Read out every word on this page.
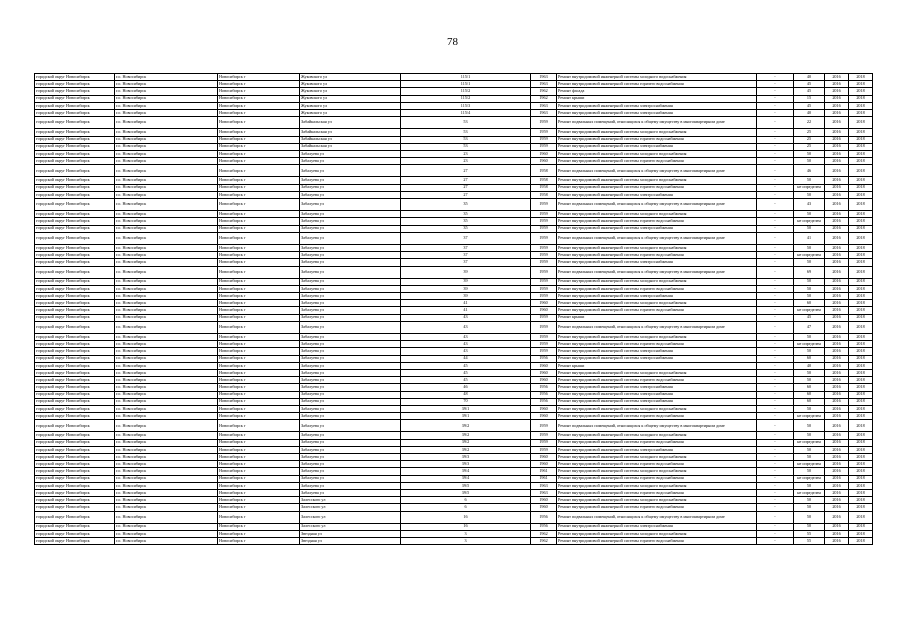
78
городской округ Новосибирск	г.о. Новосибирск	Новосибирск г	Жуковского ул	115/1	1963	Ремонт внутридомовой инженерной системы холодного водоснабжения	-	40	2016	2018
городской округ Новосибирск	г.о. Новосибирск	Новосибирск г	Жуковского ул	115/1	1963	Ремонт внутридомовой инженерной системы горячего водоснабжения	-	45	2016	2018
городской округ Новосибирск	г.о. Новосибирск	Новосибирск г	Жуковского ул	115/2	1962	Ремонт фасада	-	45	2016	2018
городской округ Новосибирск	г.о. Новосибирск	Новосибирск г	Жуковского ул	115/2	1962	Ремонт крыши	-	15	2016	2018
городской округ Новосибирск	г.о. Новосибирск	Новосибирск г	Жуковского ул	115/3	1963	Ремонт внутридомовой инженерной системы электроснабжения	-	45	2016	2018
городской округ Новосибирск	г.о. Новосибирск	Новосибирск г	Жуковского ул	115/4	1963	Ремонт внутридомовой инженерной системы электроснабжения	-	40	2016	2018
городской округ Новосибирск	г.о. Новосибирск	Новосибирск г	Забайкальская ул	53	1959	Ремонт подвальных помещений, относящихся к общему имуществу в многоквартирном доме	-	22	2016	2018
городской округ Новосибирск	г.о. Новосибирск	Новосибирск г	Забайкальская ул	53	1959	Ремонт внутридомовой инженерной системы холодного водоснабжения	-	25	2016	2018
городской округ Новосибирск	г.о. Новосибирск	Новосибирск г	Забайкальская ул	53	1959	Ремонт внутридомовой инженерной системы горячего водоснабжения	-	25	2016	2018
городской округ Новосибирск	г.о. Новосибирск	Новосибирск г	Забайкальская ул	53	1959	Ремонт внутридомовой инженерной системы электроснабжения	-	25	2016	2018
городской округ Новосибирск	г.о. Новосибирск	Новосибирск г	Забалуева ул	23	1960	Ремонт внутридомовой инженерной системы холодного водоснабжения	-	50	2016	2018
городской округ Новосибирск	г.о. Новосибирск	Новосибирск г	Забалуева ул	23	1960	Ремонт внутридомовой инженерной системы горячего водоснабжения	-	50	2016	2018
городской округ Новосибирск	г.о. Новосибирск	Новосибирск г	Забалуева ул	27	1958	Ремонт подвальных помещений, относящихся к общему имуществу в многоквартирном доме	-	46	2016	2018
городской округ Новосибирск	г.о. Новосибирск	Новосибирск г	Забалуева ул	27	1958	Ремонт внутридомовой инженерной системы холодного водоснабжения	-	50	2016	2018
городской округ Новосибирск	г.о. Новосибирск	Новосибирск г	Забалуева ул	27	1958	Ремонт внутридомовой инженерной системы горячего водоснабжения	-	не определен	2016	2018
городской округ Новосибирск	г.о. Новосибирск	Новосибирск г	Забалуева ул	27	1958	Ремонт внутридомовой инженерной системы электроснабжения	-	50	2016	2018
городской округ Новосибирск	г.о. Новосибирск	Новосибирск г	Забалуева ул	35	1959	Ремонт подвальных помещений, относящихся к общему имуществу в многоквартирном доме	-	43	2016	2018
городской округ Новосибирск	г.о. Новосибирск	Новосибирск г	Забалуева ул	35	1959	Ремонт внутридомовой инженерной системы холодного водоснабжения	-	50	2016	2018
городской округ Новосибирск	г.о. Новосибирск	Новосибирск г	Забалуева ул	35	1959	Ремонт внутридомовой инженерной системы горячего водоснабжения	-	не определен	2016	2018
городской округ Новосибирск	г.о. Новосибирск	Новосибирск г	Забалуева ул	35	1959	Ремонт внутридомовой инженерной системы электроснабжения	-	50	2016	2018
городской округ Новосибирск	г.о. Новосибирск	Новосибирск г	Забалуева ул	37	1959	Ремонт подвальных помещений, относящихся к общему имуществу в многоквартирном доме	-	41	2016	2018
городской округ Новосибирск	г.о. Новосибирск	Новосибирск г	Забалуева ул	37	1959	Ремонт внутридомовой инженерной системы холодного водоснабжения	-	50	2016	2018
городской округ Новосибирск	г.о. Новосибирск	Новосибирск г	Забалуева ул	37	1959	Ремонт внутридомовой инженерной системы горячего водоснабжения	-	не определен	2016	2018
городской округ Новосибирск	г.о. Новосибирск	Новосибирск г	Забалуева ул	37	1959	Ремонт внутридомовой инженерной системы электроснабжения	-	50	2016	2018
городской округ Новосибирск	г.о. Новосибирск	Новосибирск г	Забалуева ул	39	1959	Ремонт подвальных помещений, относящихся к общему имуществу в многоквартирном доме	-	69	2016	2018
городской округ Новосибирск	г.о. Новосибирск	Новосибирск г	Забалуева ул	39	1959	Ремонт внутридомовой инженерной системы холодного водоснабжения	-	50	2016	2018
городской округ Новосибирск	г.о. Новосибирск	Новосибирск г	Забалуева ул	39	1959	Ремонт внутридомовой инженерной системы горячего водоснабжения	-	50	2016	2018
городской округ Новосибирск	г.о. Новосибирск	Новосибирск г	Забалуева ул	39	1959	Ремонт внутридомовой инженерной системы электроснабжения	-	50	2016	2018
городской округ Новосибирск	г.о. Новосибирск	Новосибирск г	Забалуева ул	41	1960	Ремонт внутридомовой инженерной системы холодного водоснабжения	-	60	2016	2018
городской округ Новосибирск	г.о. Новосибирск	Новосибирск г	Забалуева ул	41	1960	Ремонт внутридомовой инженерной системы горячего водоснабжения	-	не определен	2016	2018
городской округ Новосибирск	г.о. Новосибирск	Новосибирск г	Забалуева ул	43	1959	Ремонт крыши	-	45	2016	2018
городской округ Новосибирск	г.о. Новосибирск	Новосибирск г	Забалуева ул	43	1959	Ремонт подвальных помещений, относящихся к общему имуществу в многоквартирном доме	-	47	2016	2018
городской округ Новосибирск	г.о. Новосибирск	Новосибирск г	Забалуева ул	43	1959	Ремонт внутридомовой инженерной системы холодного водоснабжения	-	50	2016	2018
городской округ Новосибирск	г.о. Новосибирск	Новосибирск г	Забалуева ул	43	1959	Ремонт внутридомовой инженерной системы горячего водоснабжения	-	не определен	2016	2018
городской округ Новосибирск	г.о. Новосибирск	Новосибирск г	Забалуева ул	43	1959	Ремонт внутридомовой инженерной системы электроснабжения	-	50	2016	2018
городской округ Новосибирск	г.о. Новосибирск	Новосибирск г	Забалуева ул	44	1956	Ремонт внутридомовой инженерной системы электроснабжения	-	60	2016	2018
городской округ Новосибирск	г.о. Новосибирск	Новосибирск г	Забалуева ул	45	1960	Ремонт крыши	-	40	2016	2018
городской округ Новосибирск	г.о. Новосибирск	Новосибирск г	Забалуева ул	45	1960	Ремонт внутридомовой инженерной системы холодного водоснабжения	-	50	2016	2018
городской округ Новосибирск	г.о. Новосибирск	Новосибирск г	Забалуева ул	45	1960	Ремонт внутридомовой инженерной системы горячего водоснабжения	-	50	2016	2018
городской округ Новосибирск	г.о. Новосибирск	Новосибирск г	Забалуева ул	46	1956	Ремонт внутридомовой инженерной системы электроснабжения	-	60	2016	2018
городской округ Новосибирск	г.о. Новосибирск	Новосибирск г	Забалуева ул	48	1956	Ремонт внутридомовой инженерной системы электроснабжения	-	60	2016	2018
городской округ Новосибирск	г.о. Новосибирск	Новосибирск г	Забалуева ул	70	1956	Ремонт внутридомовой инженерной системы электроснабжения	-	60	2016	2018
городской округ Новосибирск	г.о. Новосибирск	Новосибирск г	Забалуева ул	39/1	1960	Ремонт внутридомовой инженерной системы холодного водоснабжения	-	50	2016	2018
городской округ Новосибирск	г.о. Новосибирск	Новосибирск г	Забалуева ул	39/1	1960	Ремонт внутридомовой инженерной системы горячего водоснабжения	-	не определен	2016	2018
городской округ Новосибирск	г.о. Новосибирск	Новосибирск г	Забалуева ул	39/2	1959	Ремонт подвальных помещений, относящихся к общему имуществу в многоквартирном доме	-	50	2016	2018
городской округ Новосибирск	г.о. Новосибирск	Новосибирск г	Забалуева ул	39/2	1959	Ремонт внутридомовой инженерной системы холодного водоснабжения	-	50	2016	2018
городской округ Новосибирск	г.о. Новосибирск	Новосибирск г	Забалуева ул	39/2	1959	Ремонт внутридомовой инженерной системы горячего водоснабжения	-	не определен	2016	2018
городской округ Новосибирск	г.о. Новосибирск	Новосибирск г	Забалуева ул	39/2	1959	Ремонт внутридомовой инженерной системы электроснабжения	-	50	2016	2018
городской округ Новосибирск	г.о. Новосибирск	Новосибирск г	Забалуева ул	39/3	1960	Ремонт внутридомовой инженерной системы холодного водоснабжения	-	50	2016	2018
городской округ Новосибирск	г.о. Новосибирск	Новосибирск г	Забалуева ул	39/3	1960	Ремонт внутридомовой инженерной системы горячего водоснабжения	-	не определен	2016	2018
городской округ Новосибирск	г.о. Новосибирск	Новосибирск г	Забалуева ул	39/4	1961	Ремонт внутридомовой инженерной системы холодного водоснабжения	-	50	2016	2018
городской округ Новосибирск	г.о. Новосибирск	Новосибирск г	Забалуева ул	39/4	1961	Ремонт внутридомовой инженерной системы горячего водоснабжения	-	не определен	2016	2018
городской округ Новосибирск	г.о. Новосибирск	Новосибирск г	Забалуева ул	39/5	1963	Ремонт внутридомовой инженерной системы холодного водоснабжения	-	50	2016	2018
городской округ Новосибирск	г.о. Новосибирск	Новосибирск г	Забалуева ул	39/5	1963	Ремонт внутридомовой инженерной системы горячего водоснабжения	-	не определен	2016	2018
городской округ Новосибирск	г.о. Новосибирск	Новосибирск г	Залесского ул	6	1960	Ремонт внутридомовой инженерной системы холодного водоснабжения	-	50	2016	2018
городской округ Новосибирск	г.о. Новосибирск	Новосибирск г	Залесского ул	6	1960	Ремонт внутридомовой инженерной системы горячего водоснабжения	-	50	2016	2018
городской округ Новосибирск	г.о. Новосибирск	Новосибирск г	Залесского ул	16	1956	Ремонт подвальных помещений, относящихся к общему имуществу в многоквартирном доме	-	50	2016	2018
городской округ Новосибирск	г.о. Новосибирск	Новосибирск г	Залесского ул	16	1956	Ремонт внутридомовой инженерной системы электроснабжения	-	50	2016	2018
городской округ Новосибирск	г.о. Новосибирск	Новосибирск г	Звездная ул	3	1962	Ремонт внутридомовой инженерной системы холодного водоснабжения	-	55	2016	2018
городской округ Новосибирск	г.о. Новосибирск	Новосибирск г	Звездная ул	3	1962	Ремонт внутридомовой инженерной системы горячего водоснабжения	-	55	2016	2018
